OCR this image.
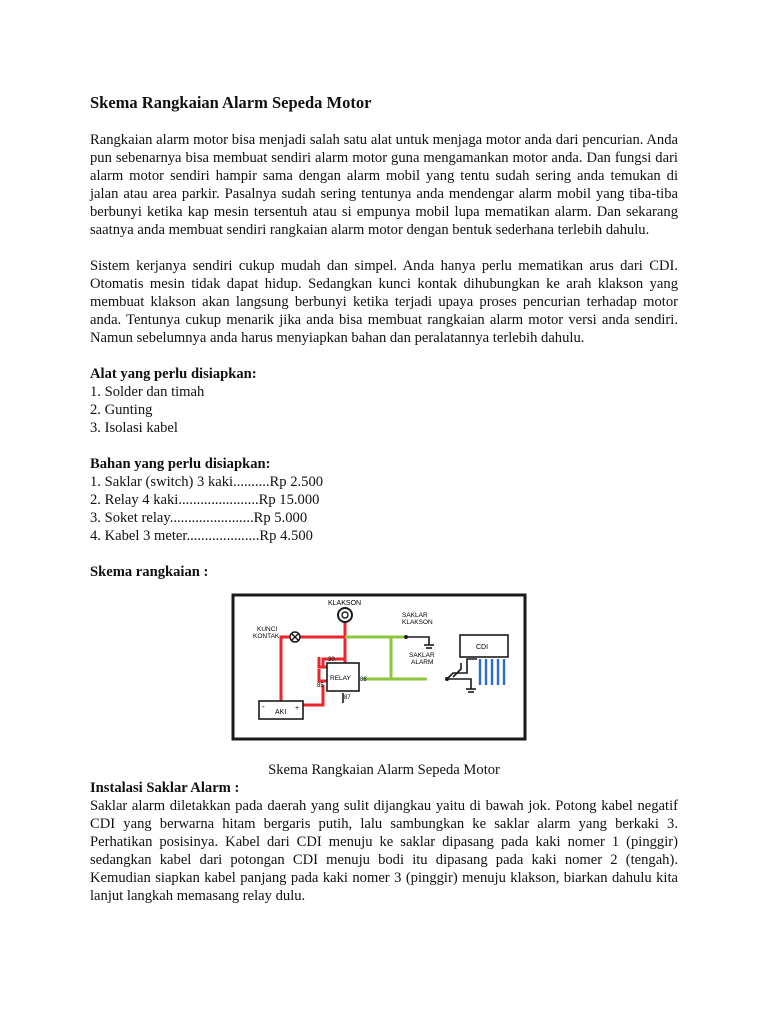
Skema Rangkaian Alarm Sepeda Motor

Rangkaian alarm motor bisa menjadi salah satu alat untuk menjaga motor anda dari pencurian. Anda pun sebenarnya bisa membuat sendiri alarm motor guna mengamankan motor anda. Dan fungsi dari alarm motor sendiri hampir sama dengan alarm mobil yang tentu sudah sering anda temukan di jalan atau area parkir. Pasalnya sudah sering tentunya anda mendengar alarm mobil yang tiba-tiba berbunyi ketika kap mesin tersentuh atau si empunya mobil lupa mematikan alarm. Dan sekarang saatnya anda membuat sendiri rangkaian alarm motor dengan bentuk sederhana terlebih dahulu.

Sistem kerjanya sendiri cukup mudah dan simpel. Anda hanya perlu mematikan arus dari CDI. Otomatis mesin tidak dapat hidup. Sedangkan kunci kontak dihubungkan ke arah klakson yang membuat klakson akan langsung berbunyi ketika terjadi upaya proses pencurian terhadap motor anda. Tentunya cukup menarik jika anda bisa membuat rangkaian alarm motor versi anda sendiri. Namun sebelumnya anda harus menyiapkan bahan dan peralatannya terlebih dahulu.

Alat yang perlu disiapkan:
1. Solder dan timah
2. Gunting
3. Isolasi kabel
Bahan yang perlu disiapkan:
1. Saklar (switch) 3 kaki..........Rp 2.500
2. Relay 4 kaki......................Rp 15.000
3. Soket relay.......................Rp 5.000
4. Kabel 3 meter....................Rp 4.500
Skema rangkaian :
KLAKSON
SAKLAR
KLAKSON
KUNCI
KONTAK
CDI
SAKLAR
ALARM
RELAY
30
85
86
87
AKI
-	+

Skema Rangkaian Alarm Sepeda Motor

Instalasi Saklar Alarm :

Saklar alarm diletakkan pada daerah yang sulit dijangkau yaitu di bawah jok. Potong kabel negatif CDI yang berwarna hitam bergaris putih, lalu sambungkan ke saklar alarm yang berkaki 3. Perhatikan posisinya. Kabel dari CDI menuju ke saklar dipasang pada kaki nomer 1 (pinggir) sedangkan kabel dari potongan CDI menuju bodi itu dipasang pada kaki nomer 2 (tengah). Kemudian siapkan kabel panjang pada kaki nomer 3 (pinggir) menuju klakson, biarkan dahulu kita lanjut langkah memasang relay dulu.
